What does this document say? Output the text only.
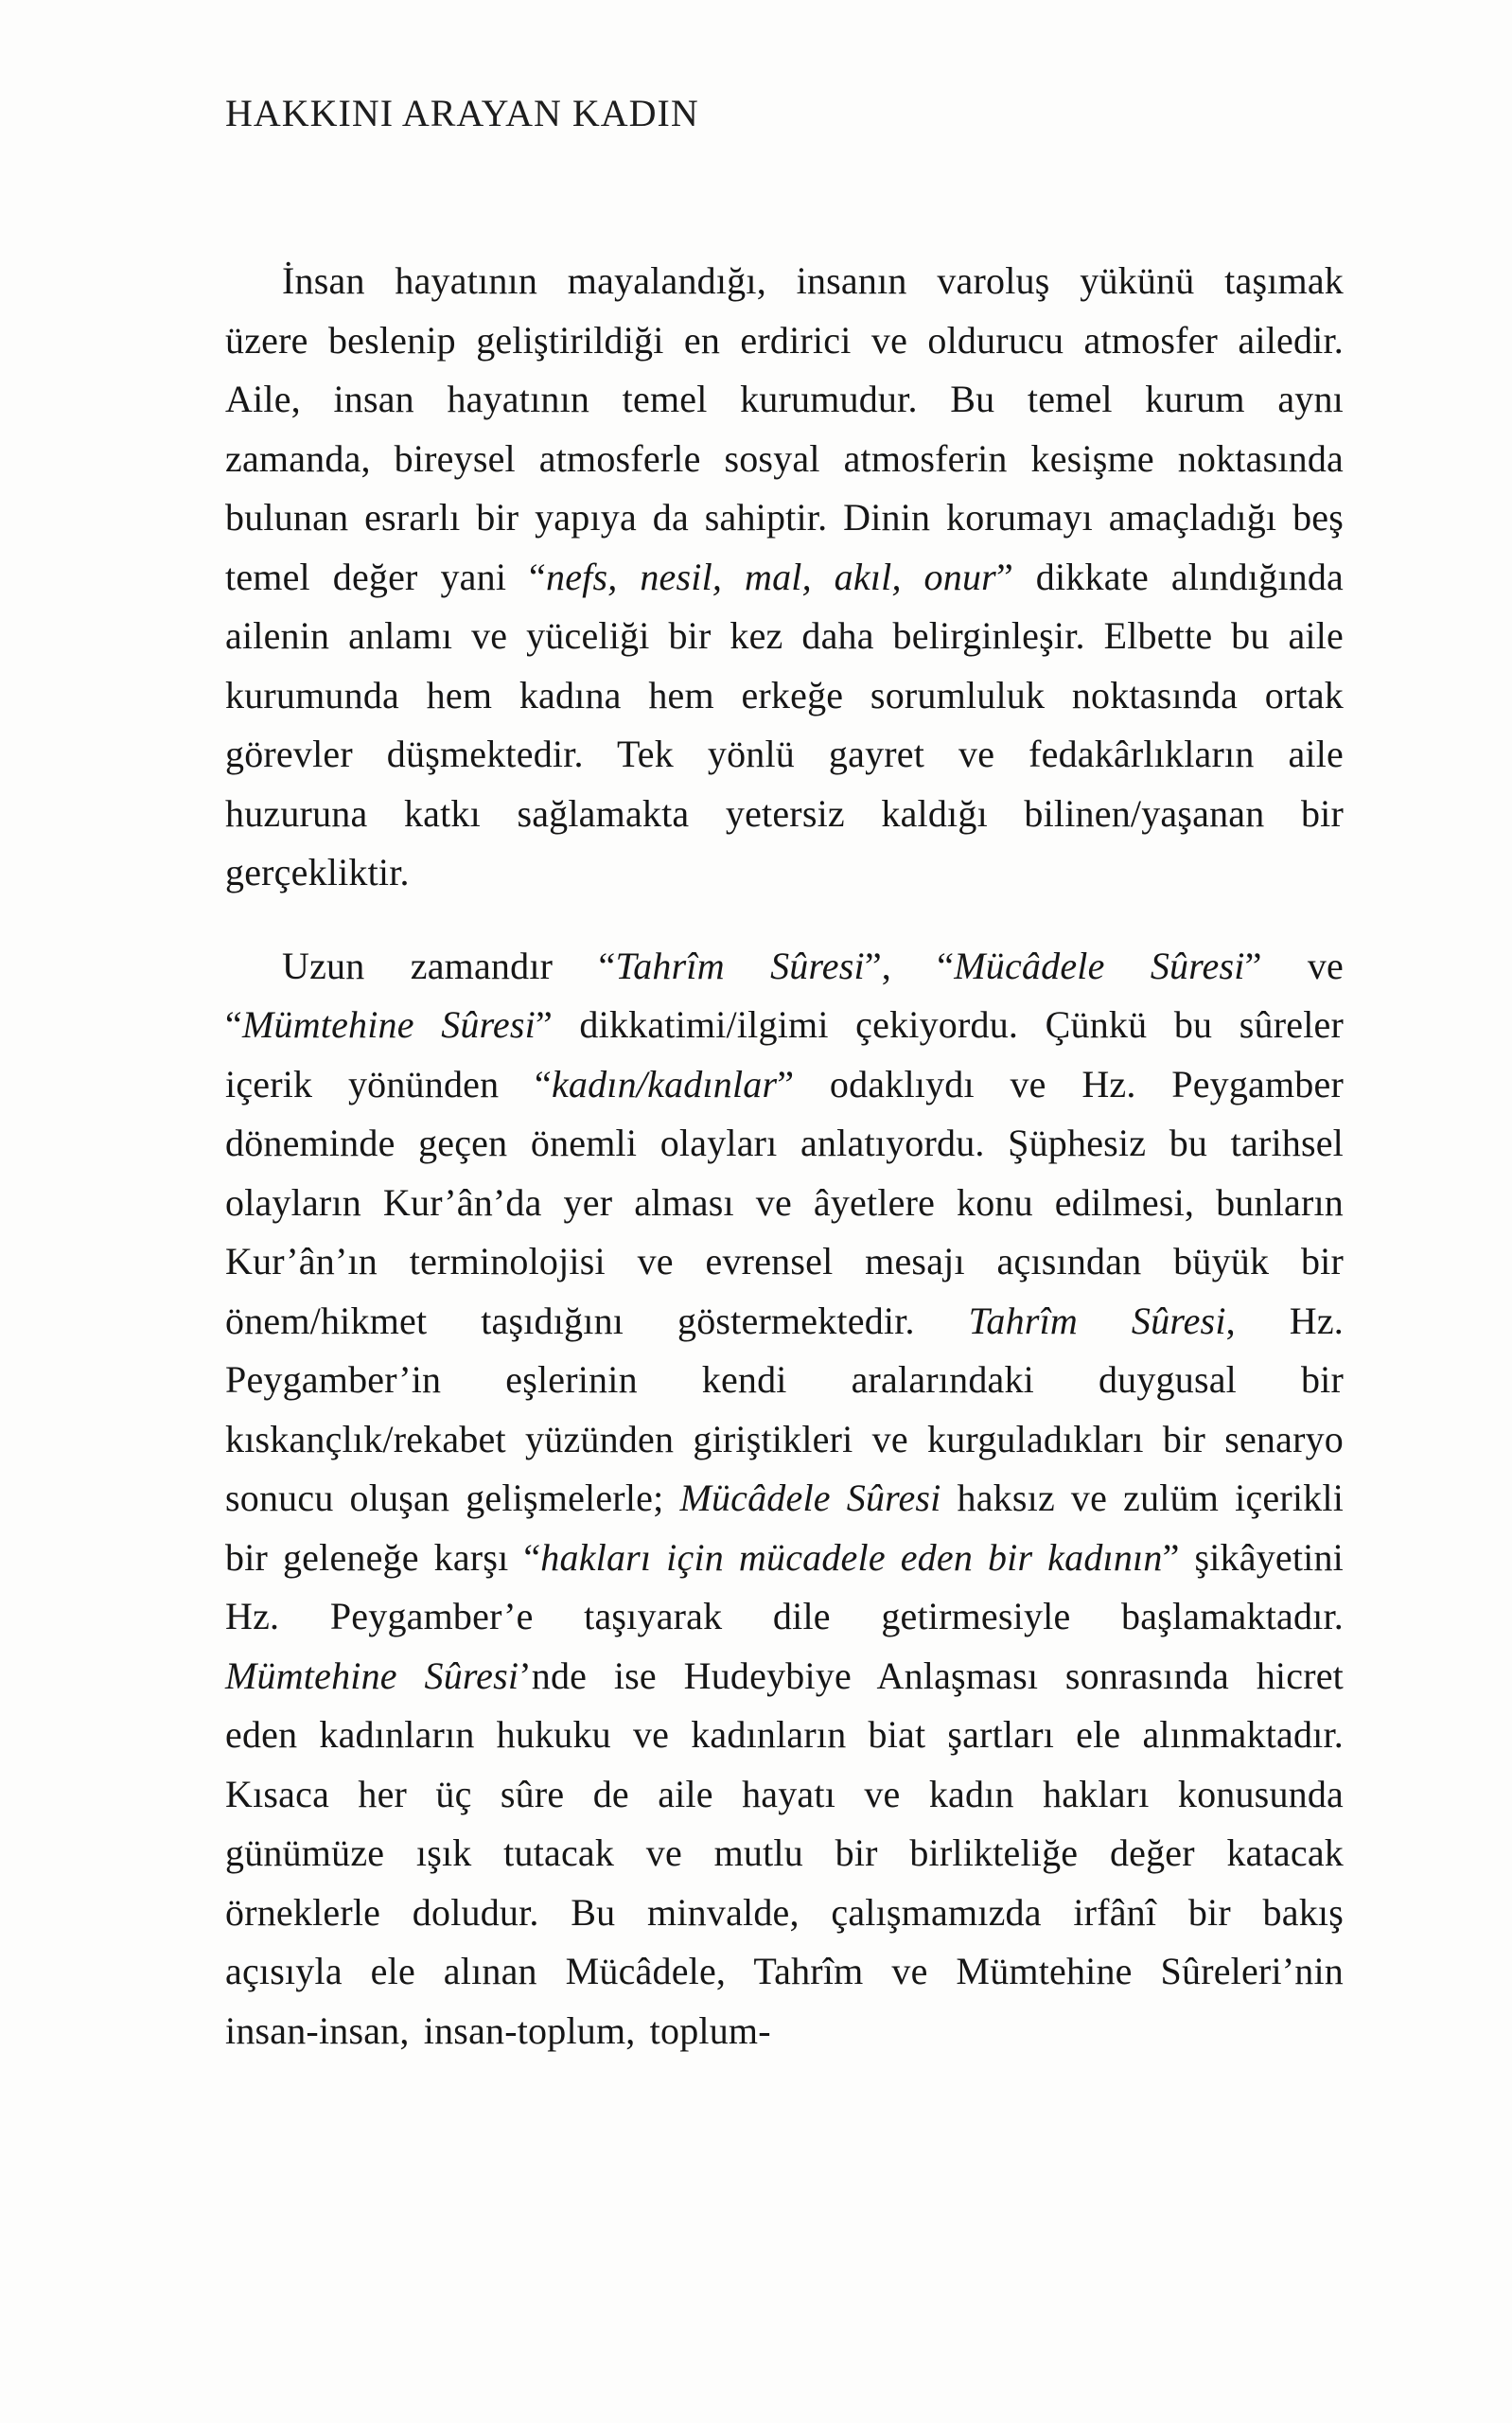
HAKKINI ARAYAN KADIN

İnsan hayatının mayalandığı, insanın varoluş yükünü taşımak üzere beslenip geliştirildiği en erdirici ve oldurucu atmosfer ailedir. Aile, insan hayatının temel kurumudur. Bu temel kurum aynı zamanda, bireysel atmosferle sosyal atmosferin kesişme noktasında bulunan esrarlı bir yapıya da sahiptir. Dinin korumayı amaçladığı beş temel değer yani “nefs, nesil, mal, akıl, onur” dikkate alındığında ailenin anlamı ve yüceliği bir kez daha belirginleşir. Elbette bu aile kurumunda hem kadına hem erkeğe sorumluluk noktasında ortak görevler düşmektedir. Tek yönlü gayret ve fedakârlıkların aile huzuruna katkı sağlamakta yetersiz kaldığı bilinen/yaşanan bir gerçekliktir.

Uzun zamandır “Tahrîm Sûresi”, “Mücâdele Sûresi” ve “Mümtehine Sûresi” dikkatimi/ilgimi çekiyordu. Çünkü bu sûreler içerik yönünden “kadın/kadınlar” odaklıydı ve Hz. Peygamber döneminde geçen önemli olayları anlatıyordu. Şüphesiz bu tarihsel olayların Kur’ân’da yer alması ve âyetlere konu edilmesi, bunların Kur’ân’ın terminolojisi ve evrensel mesajı açısından büyük bir önem/hikmet taşıdığını göstermektedir. Tahrîm Sûresi, Hz. Peygamber’in eşlerinin kendi aralarındaki duygusal bir kıskançlık/rekabet yüzünden giriştikleri ve kurguladıkları bir senaryo sonucu oluşan gelişmelerle; Mücâdele Sûresi haksız ve zulüm içerikli bir geleneğe karşı “hakları için mücadele eden bir kadının” şikâyetini Hz. Peygamber’e taşıyarak dile getirmesiyle başlamaktadır. Mümtehine Sûresi’nde ise Hudeybiye Anlaşması sonrasında hicret eden kadınların hukuku ve kadınların biat şartları ele alınmaktadır. Kısaca her üç sûre de aile hayatı ve kadın hakları konusunda günümüze ışık tutacak ve mutlu bir birlikteliğe değer katacak örneklerle doludur. Bu minvalde, çalışmamızda irfânî bir bakış açısıyla ele alınan Mücâdele, Tahrîm ve Mümtehine Sûreleri’nin insan-insan, insan-toplum, toplum-
